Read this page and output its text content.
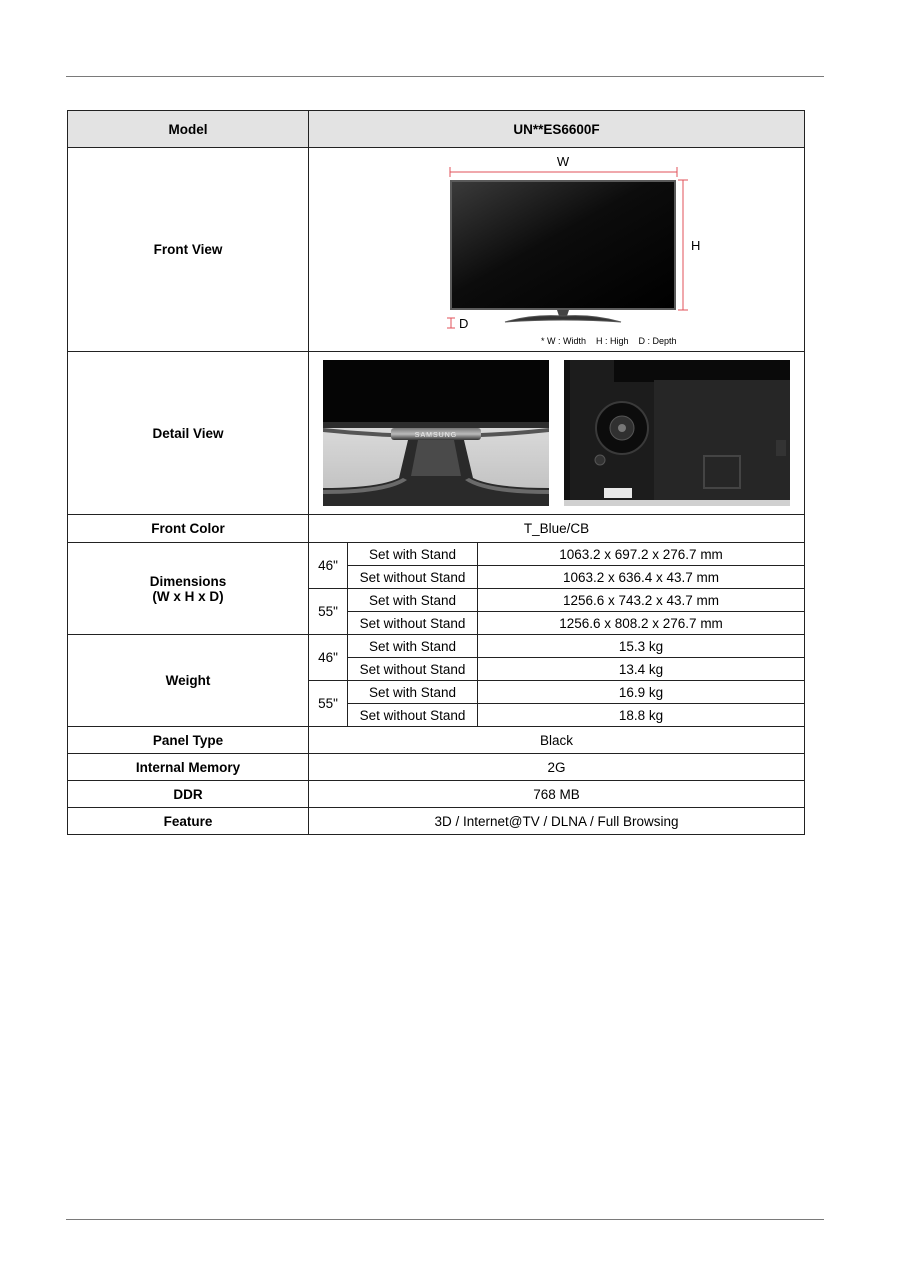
Model	UN**ES6600F		
Front View	W
H
D
* W : Width    H : High    D : Depth		

Detail View	SAMSUNG		

Front Color	T_Blue/CB		

Dimensions
(W x H x D)	46"	Set with Stand	1063.2 x 697.2 x 276.7 mm
		Set without Stand	1063.2 x 636.4 x 43.7 mm
	55"	Set with Stand	1256.6 x 743.2 x 43.7 mm
		Set without Stand	1256.6 x 808.2 x 276.7 mm
Weight	46"	Set with Stand	15.3 kg
		Set without Stand	13.4 kg
	55"	Set with Stand	16.9 kg
		Set without Stand	18.8 kg
Panel Type	Black		
Internal Memory	2G		
DDR	768 MB		
Feature	3D / Internet@TV / DLNA / Full Browsing		
